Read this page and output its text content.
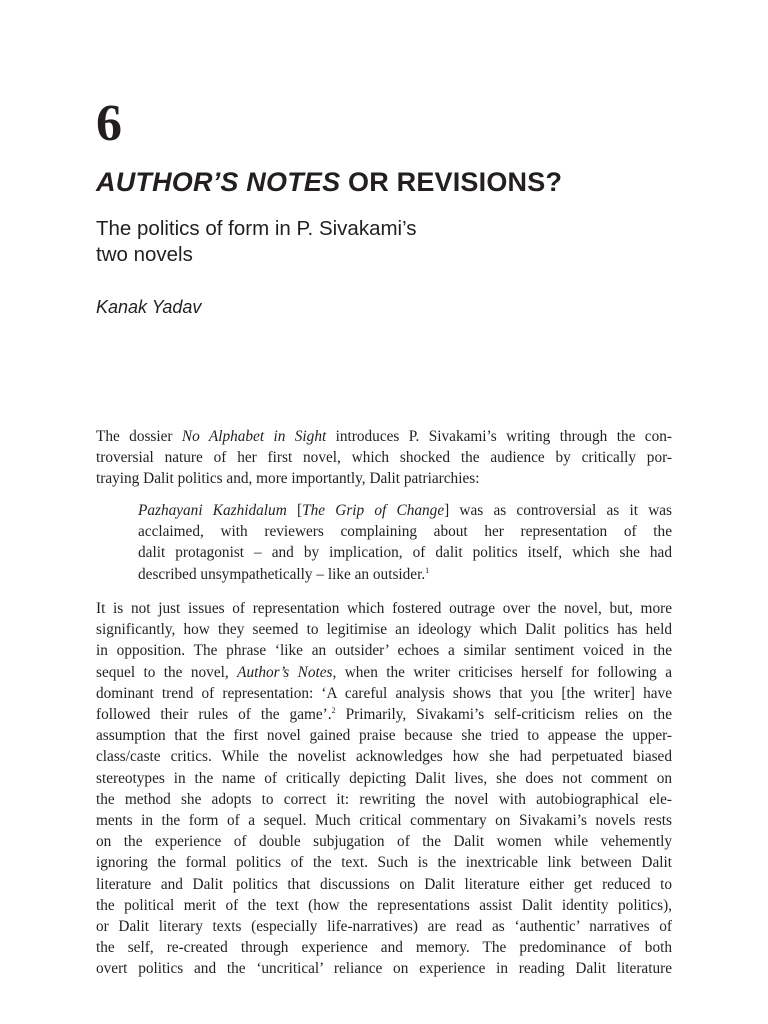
6
AUTHOR’S NOTES OR REVISIONS?
The politics of form in P. Sivakami’s
two novels

Kanak Yadav

The dossier No Alphabet in Sight introduces P. Sivakami’s writing through the con-
troversial nature of her first novel, which shocked the audience by critically por-
traying Dalit politics and, more importantly, Dalit patriarchies:
Pazhayani Kazhidalum [The Grip of Change] was as controversial as it was
acclaimed, with reviewers complaining about her representation of the
dalit protagonist – and by implication, of dalit politics itself, which she had
described unsympathetically – like an outsider.$^1$
It is not just issues of representation which fostered outrage over the novel, but, more
significantly, how they seemed to legitimise an ideology which Dalit politics has held
in opposition. The phrase ‘like an outsider’ echoes a similar sentiment voiced in the
sequel to the novel, Author’s Notes, when the writer criticises herself for following a
dominant trend of representation: ‘A careful analysis shows that you [the writer] have
followed their rules of the game’.$^2$ Primarily, Sivakami’s self-criticism relies on the
assumption that the first novel gained praise because she tried to appease the upper-
class/caste critics. While the novelist acknowledges how she had perpetuated biased
stereotypes in the name of critically depicting Dalit lives, she does not comment on
the method she adopts to correct it: rewriting the novel with autobiographical ele-
ments in the form of a sequel. Much critical commentary on Sivakami’s novels rests
on the experience of double subjugation of the Dalit women while vehemently
ignoring the formal politics of the text. Such is the inextricable link between Dalit
literature and Dalit politics that discussions on Dalit literature either get reduced to
the political merit of the text (how the representations assist Dalit identity politics),
or Dalit literary texts (especially life-narratives) are read as ‘authentic’ narratives of
the self, re-created through experience and memory. The predominance of both
overt politics and the ‘uncritical’ reliance on experience in reading Dalit literature
